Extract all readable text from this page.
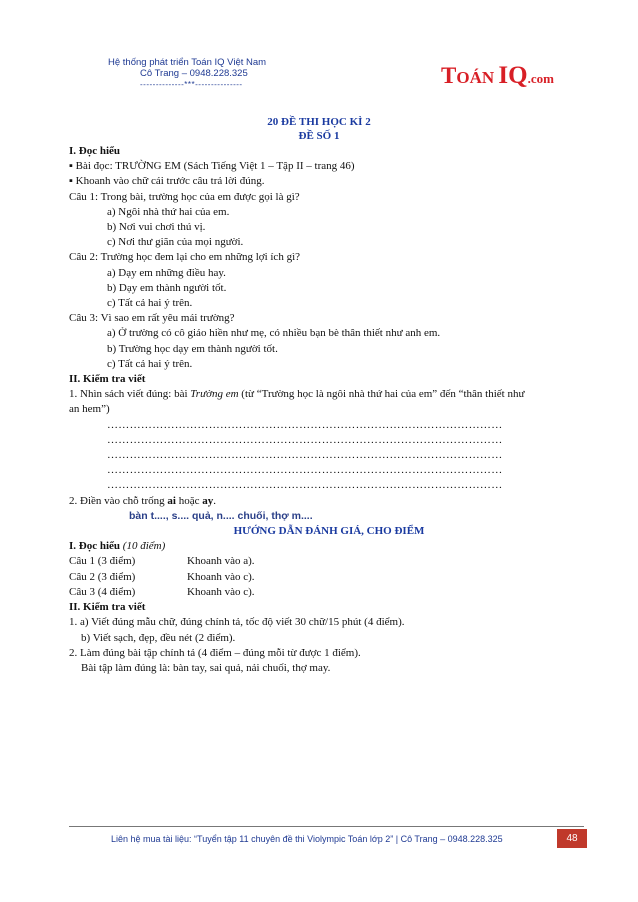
Hệ thống phát triển Toán IQ Việt Nam
Cô Trang – 0948.228.325
--------------***---------------	TOÁN IQ.com
20 ĐỀ THI HỌC KÌ 2
ĐỀ SỐ 1
I. Đọc hiểu
▪ Bài đọc: TRƯỜNG EM (Sách Tiếng Việt 1 – Tập II – trang 46)
▪ Khoanh vào chữ cái trước câu trả lời đúng.
Câu 1: Trong bài, trường học của em được gọi là gì?
a) Ngôi nhà thứ hai của em.
b) Nơi vui chơi thú vị.
c) Nơi thư giãn của mọi người.
Câu 2: Trường học đem lại cho em những lợi ích gì?
a) Dạy em những điều hay.
b) Dạy em thành người tốt.
c) Tất cả hai ý trên.
Câu 3: Vì sao em rất yêu mái trường?
a) Ở trường có cô giáo hiền như mẹ, có nhiều bạn bè thân thiết như anh em.
b) Trường học dạy em thành người tốt.
c) Tất cả hai ý trên.
II. Kiểm tra viết
1. Nhìn sách viết đúng: bài Trường em (từ “Trường học là ngôi nhà thứ hai của em” đến “thân thiết như
an hem”)
……………………………………………………………………………………………
……………………………………………………………………………………………
……………………………………………………………………………………………
……………………………………………………………………………………………
……………………………………………………………………………………………
2. Điền vào chỗ trống ai hoặc ay.
bàn t...., s.... quả, n.... chuối, thợ m....
HƯỚNG DẪN ĐÁNH GIÁ, CHO ĐIỂM
I. Đọc hiểu (10 điểm)
Câu 1 (3 điểm)	Khoanh vào a).
Câu 2 (3 điểm)	Khoanh vào c).
Câu 3 (4 điểm)	Khoanh vào c).
II. Kiểm tra viết
1. a) Viết đúng mẫu chữ, đúng chính tả, tốc độ viết 30 chữ/15 phút (4 điểm).
b) Viết sạch, đẹp, đều nét (2 điểm).
2. Làm đúng bài tập chính tả (4 điểm – đúng mỗi từ được 1 điểm).
Bài tập làm đúng là: bàn tay, sai quả, nải chuối, thợ may.
Liên hệ mua tài liệu: “Tuyển tập 11 chuyên đề thi Violympic Toán lớp 2” | Cô Trang – 0948.228.325	48
